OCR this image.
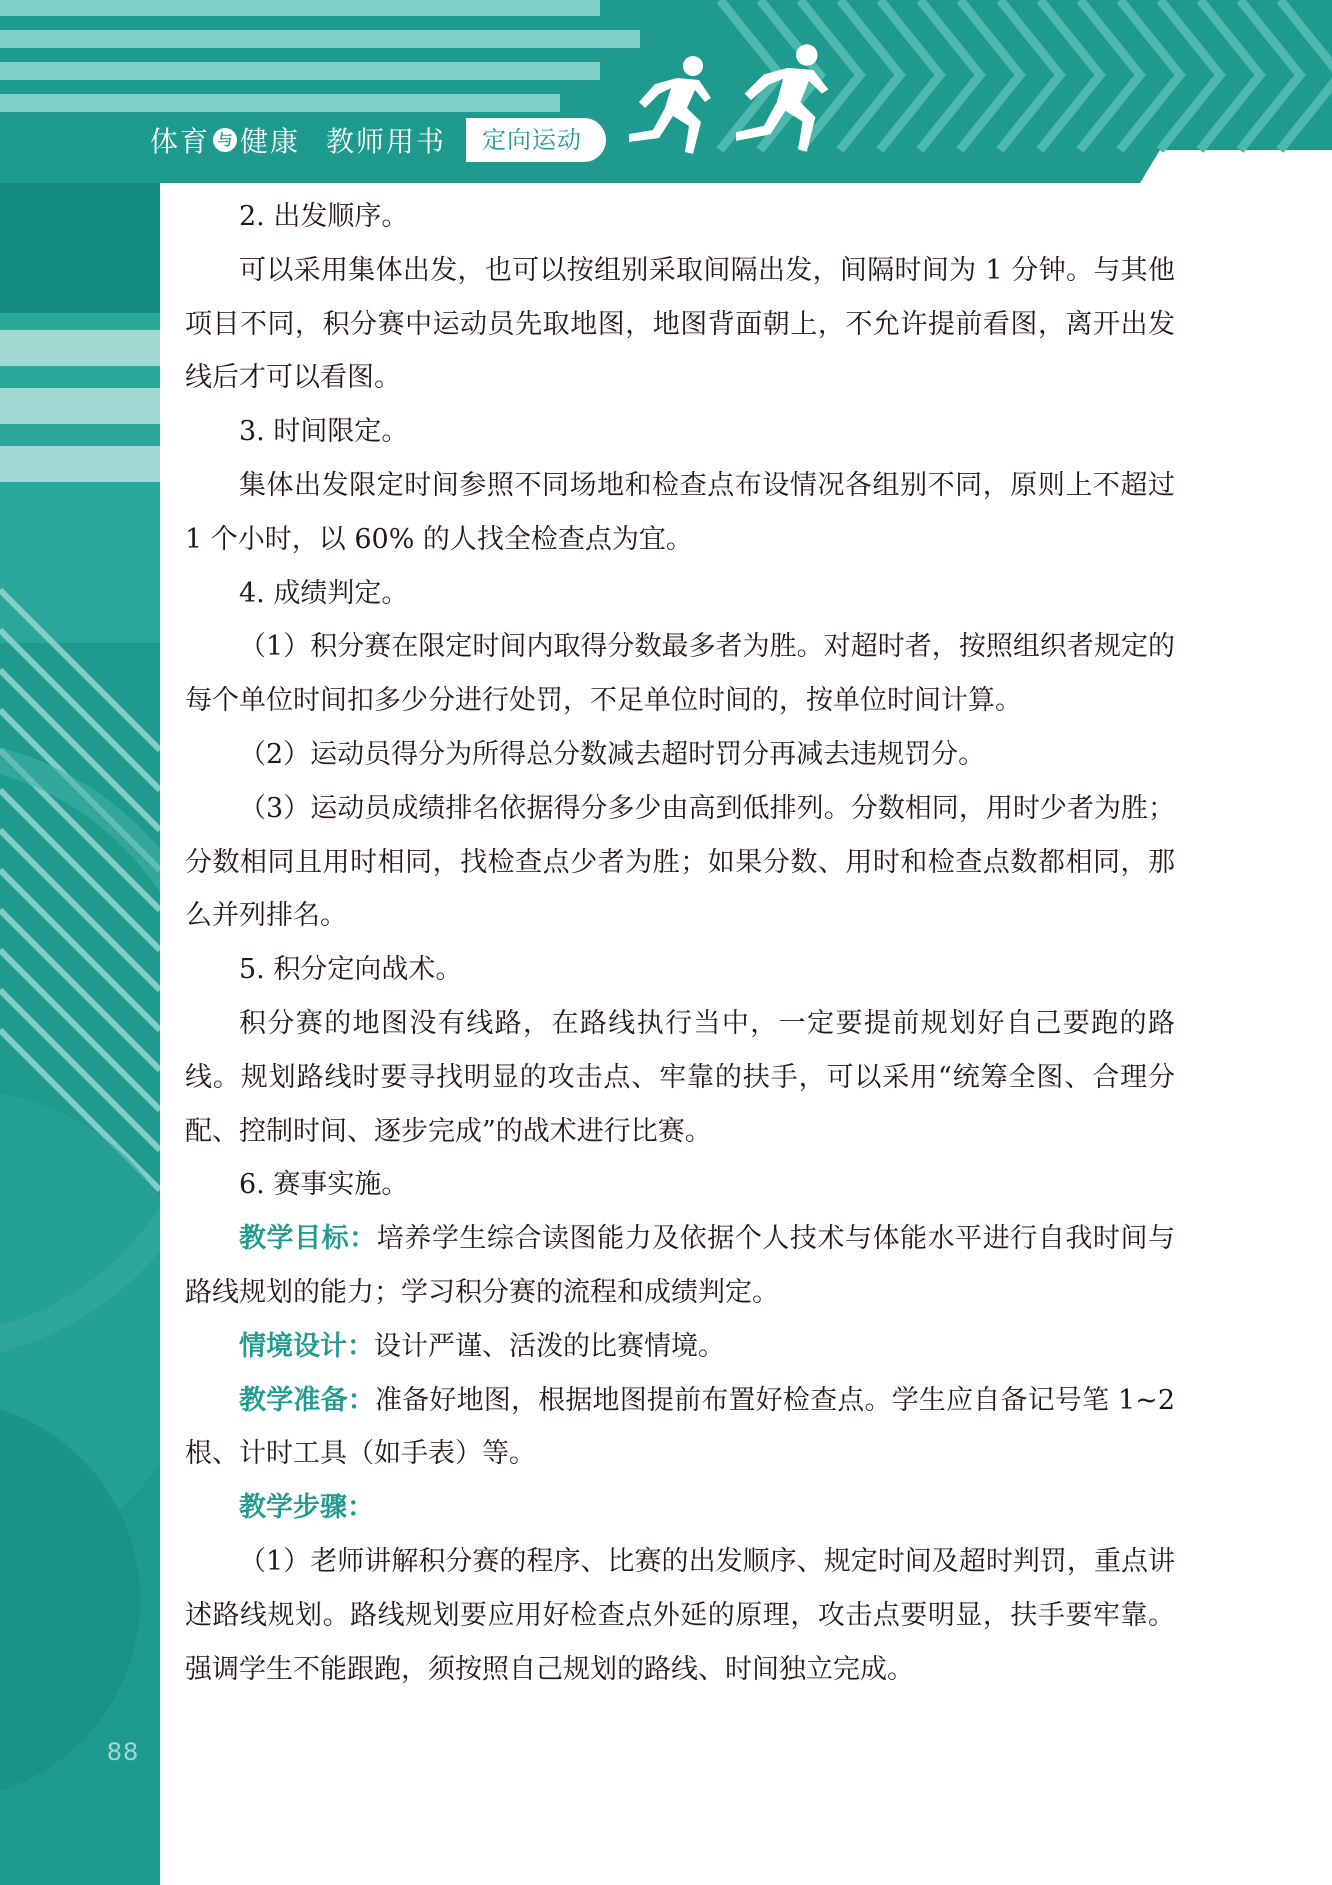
体育 与 健康 教师用书	定向运动

2. 出发顺序。

可以采用集体出发，也可以按组别采取间隔出发，间隔时间为 1 分钟。与其他项目不同，积分赛中运动员先取地图，地图背面朝上，不允许提前看图，离开出发线后才可以看图。

3. 时间限定。

集体出发限定时间参照不同场地和检查点布设情况各组别不同，原则上不超过 1 个小时，以 60% 的人找全检查点为宜。

4. 成绩判定。

（1）积分赛在限定时间内取得分数最多者为胜。对超时者，按照组织者规定的每个单位时间扣多少分进行处罚，不足单位时间的，按单位时间计算。

（2）运动员得分为所得总分数减去超时罚分再减去违规罚分。

（3）运动员成绩排名依据得分多少由高到低排列。分数相同，用时少者为胜；分数相同且用时相同，找检查点少者为胜；如果分数、用时和检查点数都相同，那么并列排名。

5. 积分定向战术。

积分赛的地图没有线路，在路线执行当中，一定要提前规划好自己要跑的路线。规划路线时要寻找明显的攻击点、牢靠的扶手，可以采用“统筹全图、合理分配、控制时间、逐步完成”的战术进行比赛。

6. 赛事实施。

教学目标：培养学生综合读图能力及依据个人技术与体能水平进行自我时间与路线规划的能力；学习积分赛的流程和成绩判定。

情境设计：设计严谨、活泼的比赛情境。

教学准备：准备好地图，根据地图提前布置好检查点。学生应自备记号笔 1~2 根、计时工具（如手表）等。

教学步骤：

（1）老师讲解积分赛的程序、比赛的出发顺序、规定时间及超时判罚，重点讲述路线规划。路线规划要应用好检查点外延的原理，攻击点要明显，扶手要牢靠。强调学生不能跟跑，须按照自己规划的路线、时间独立完成。

88
